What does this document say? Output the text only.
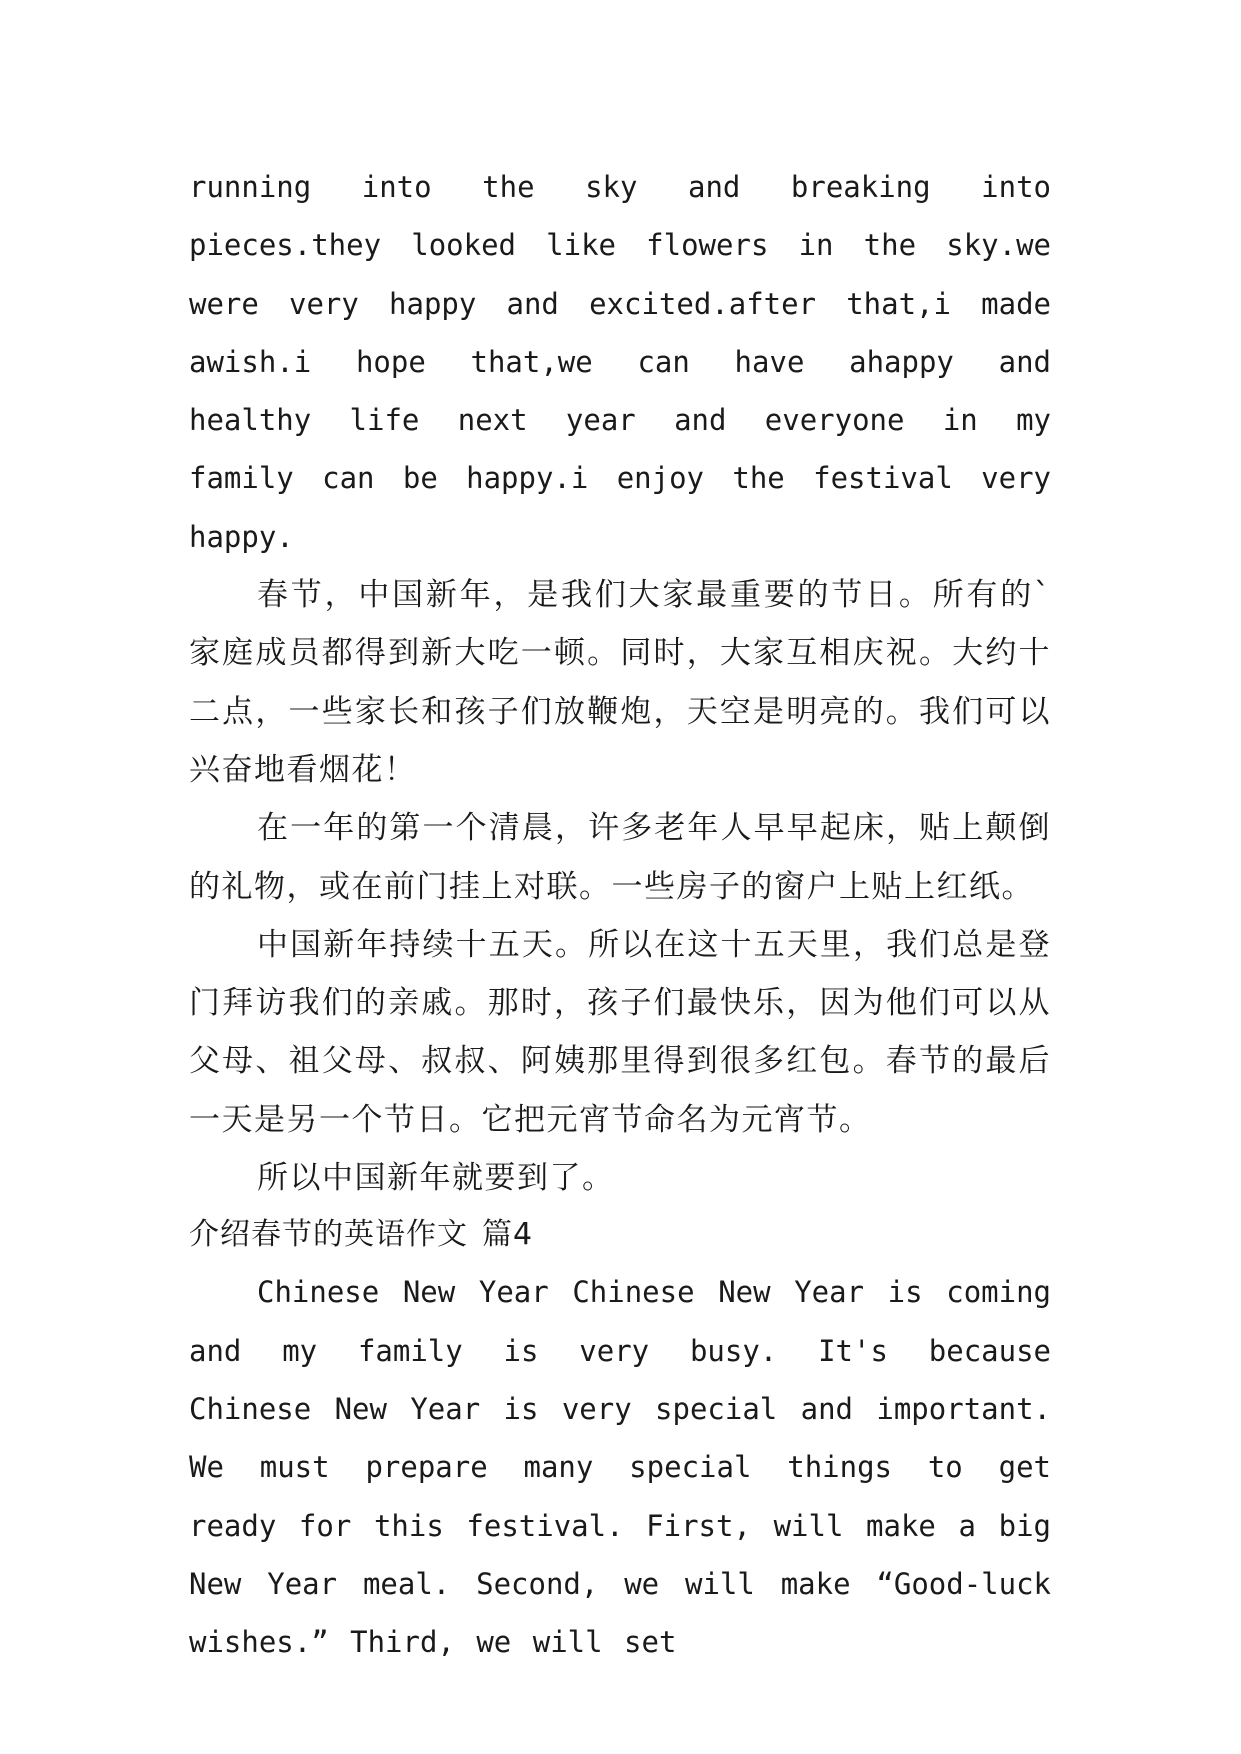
running into the sky and breaking into pieces.they looked like flowers in the sky.we were very happy and excited.after that,i made awish.i hope that,we can have ahappy and healthy life next year and everyone in my family can be happy.i enjoy the festival very happy.

春节，中国新年，是我们大家最重要的节日。所有的`家庭成员都得到新大吃一顿。同时，大家互相庆祝。大约十二点，一些家长和孩子们放鞭炮，天空是明亮的。我们可以兴奋地看烟花！

在一年的第一个清晨，许多老年人早早起床，贴上颠倒的礼物，或在前门挂上对联。一些房子的窗户上贴上红纸。

中国新年持续十五天。所以在这十五天里，我们总是登门拜访我们的亲戚。那时，孩子们最快乐，因为他们可以从父母、祖父母、叔叔、阿姨那里得到很多红包。春节的最后一天是另一个节日。它把元宵节命名为元宵节。

所以中国新年就要到了。

介绍春节的英语作文 篇4

Chinese New Year Chinese New Year is coming and my family is very busy. It's because Chinese New Year is very special and important. We must prepare many special things to get ready for this festival. First, will make a big New Year meal. Second, we will make “Good-luck wishes.” Third, we will set
